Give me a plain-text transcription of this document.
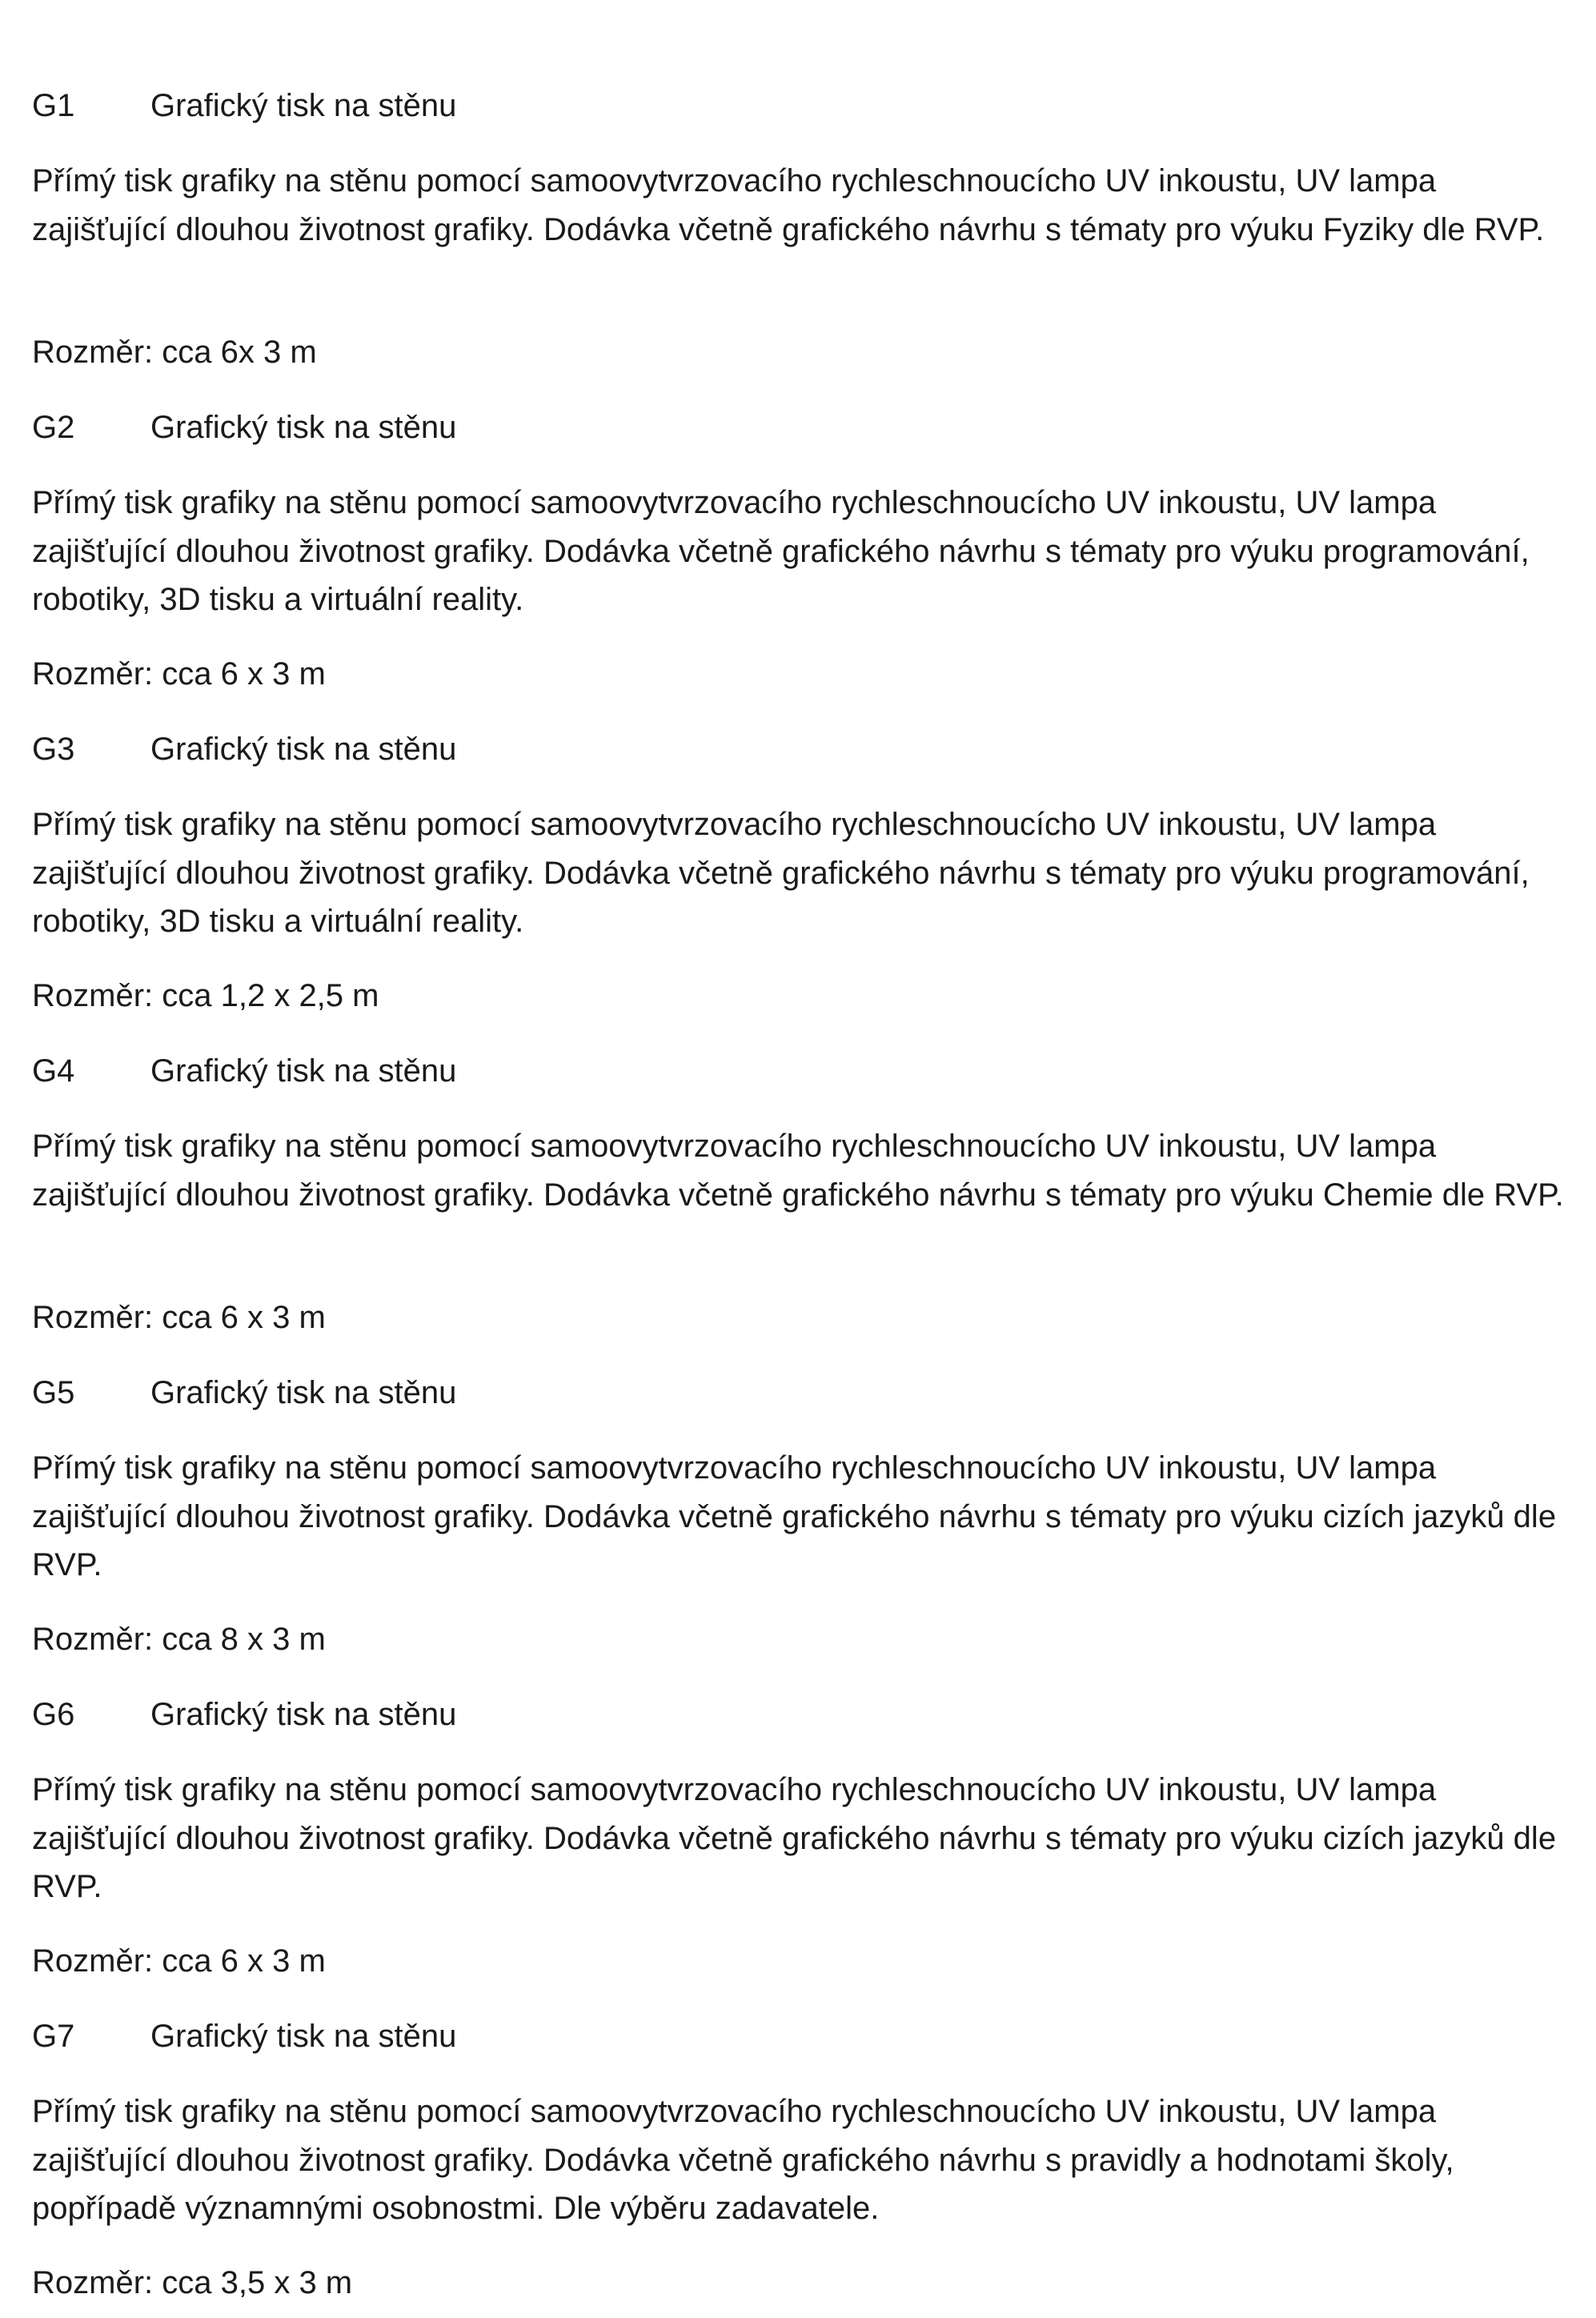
G1 Grafický tisk na stěnu

Přímý tisk grafiky na stěnu pomocí samoovytvrzovacího rychleschnoucícho UV inkoustu, UV lampa zajišťující dlouhou životnost grafiky. Dodávka včetně grafického návrhu s tématy pro výuku Fyziky dle RVP.

Rozměr: cca 6x 3 m

G2 Grafický tisk na stěnu

Přímý tisk grafiky na stěnu pomocí samoovytvrzovacího rychleschnoucícho UV inkoustu, UV lampa zajišťující dlouhou životnost grafiky. Dodávka včetně grafického návrhu s tématy pro výuku programování, robotiky, 3D tisku a virtuální reality.

Rozměr: cca 6 x 3 m

G3 Grafický tisk na stěnu

Přímý tisk grafiky na stěnu pomocí samoovytvrzovacího rychleschnoucícho UV inkoustu, UV lampa zajišťující dlouhou životnost grafiky. Dodávka včetně grafického návrhu s tématy pro výuku programování, robotiky, 3D tisku a virtuální reality.

Rozměr: cca 1,2 x 2,5 m

G4 Grafický tisk na stěnu

Přímý tisk grafiky na stěnu pomocí samoovytvrzovacího rychleschnoucícho UV inkoustu, UV lampa zajišťující dlouhou životnost grafiky. Dodávka včetně grafického návrhu s tématy pro výuku Chemie dle RVP.

Rozměr: cca 6 x 3 m

G5 Grafický tisk na stěnu

Přímý tisk grafiky na stěnu pomocí samoovytvrzovacího rychleschnoucícho UV inkoustu, UV lampa zajišťující dlouhou životnost grafiky. Dodávka včetně grafického návrhu s tématy pro výuku cizích jazyků dle RVP.

Rozměr: cca 8 x 3 m

G6 Grafický tisk na stěnu

Přímý tisk grafiky na stěnu pomocí samoovytvrzovacího rychleschnoucícho UV inkoustu, UV lampa zajišťující dlouhou životnost grafiky. Dodávka včetně grafického návrhu s tématy pro výuku cizích jazyků dle RVP.

Rozměr: cca 6 x 3 m

G7 Grafický tisk na stěnu

Přímý tisk grafiky na stěnu pomocí samoovytvrzovacího rychleschnoucícho UV inkoustu, UV lampa zajišťující dlouhou životnost grafiky. Dodávka včetně grafického návrhu s pravidly a hodnotami školy, popřípadě významnými osobnostmi. Dle výběru zadavatele.

Rozměr: cca 3,5 x 3 m
